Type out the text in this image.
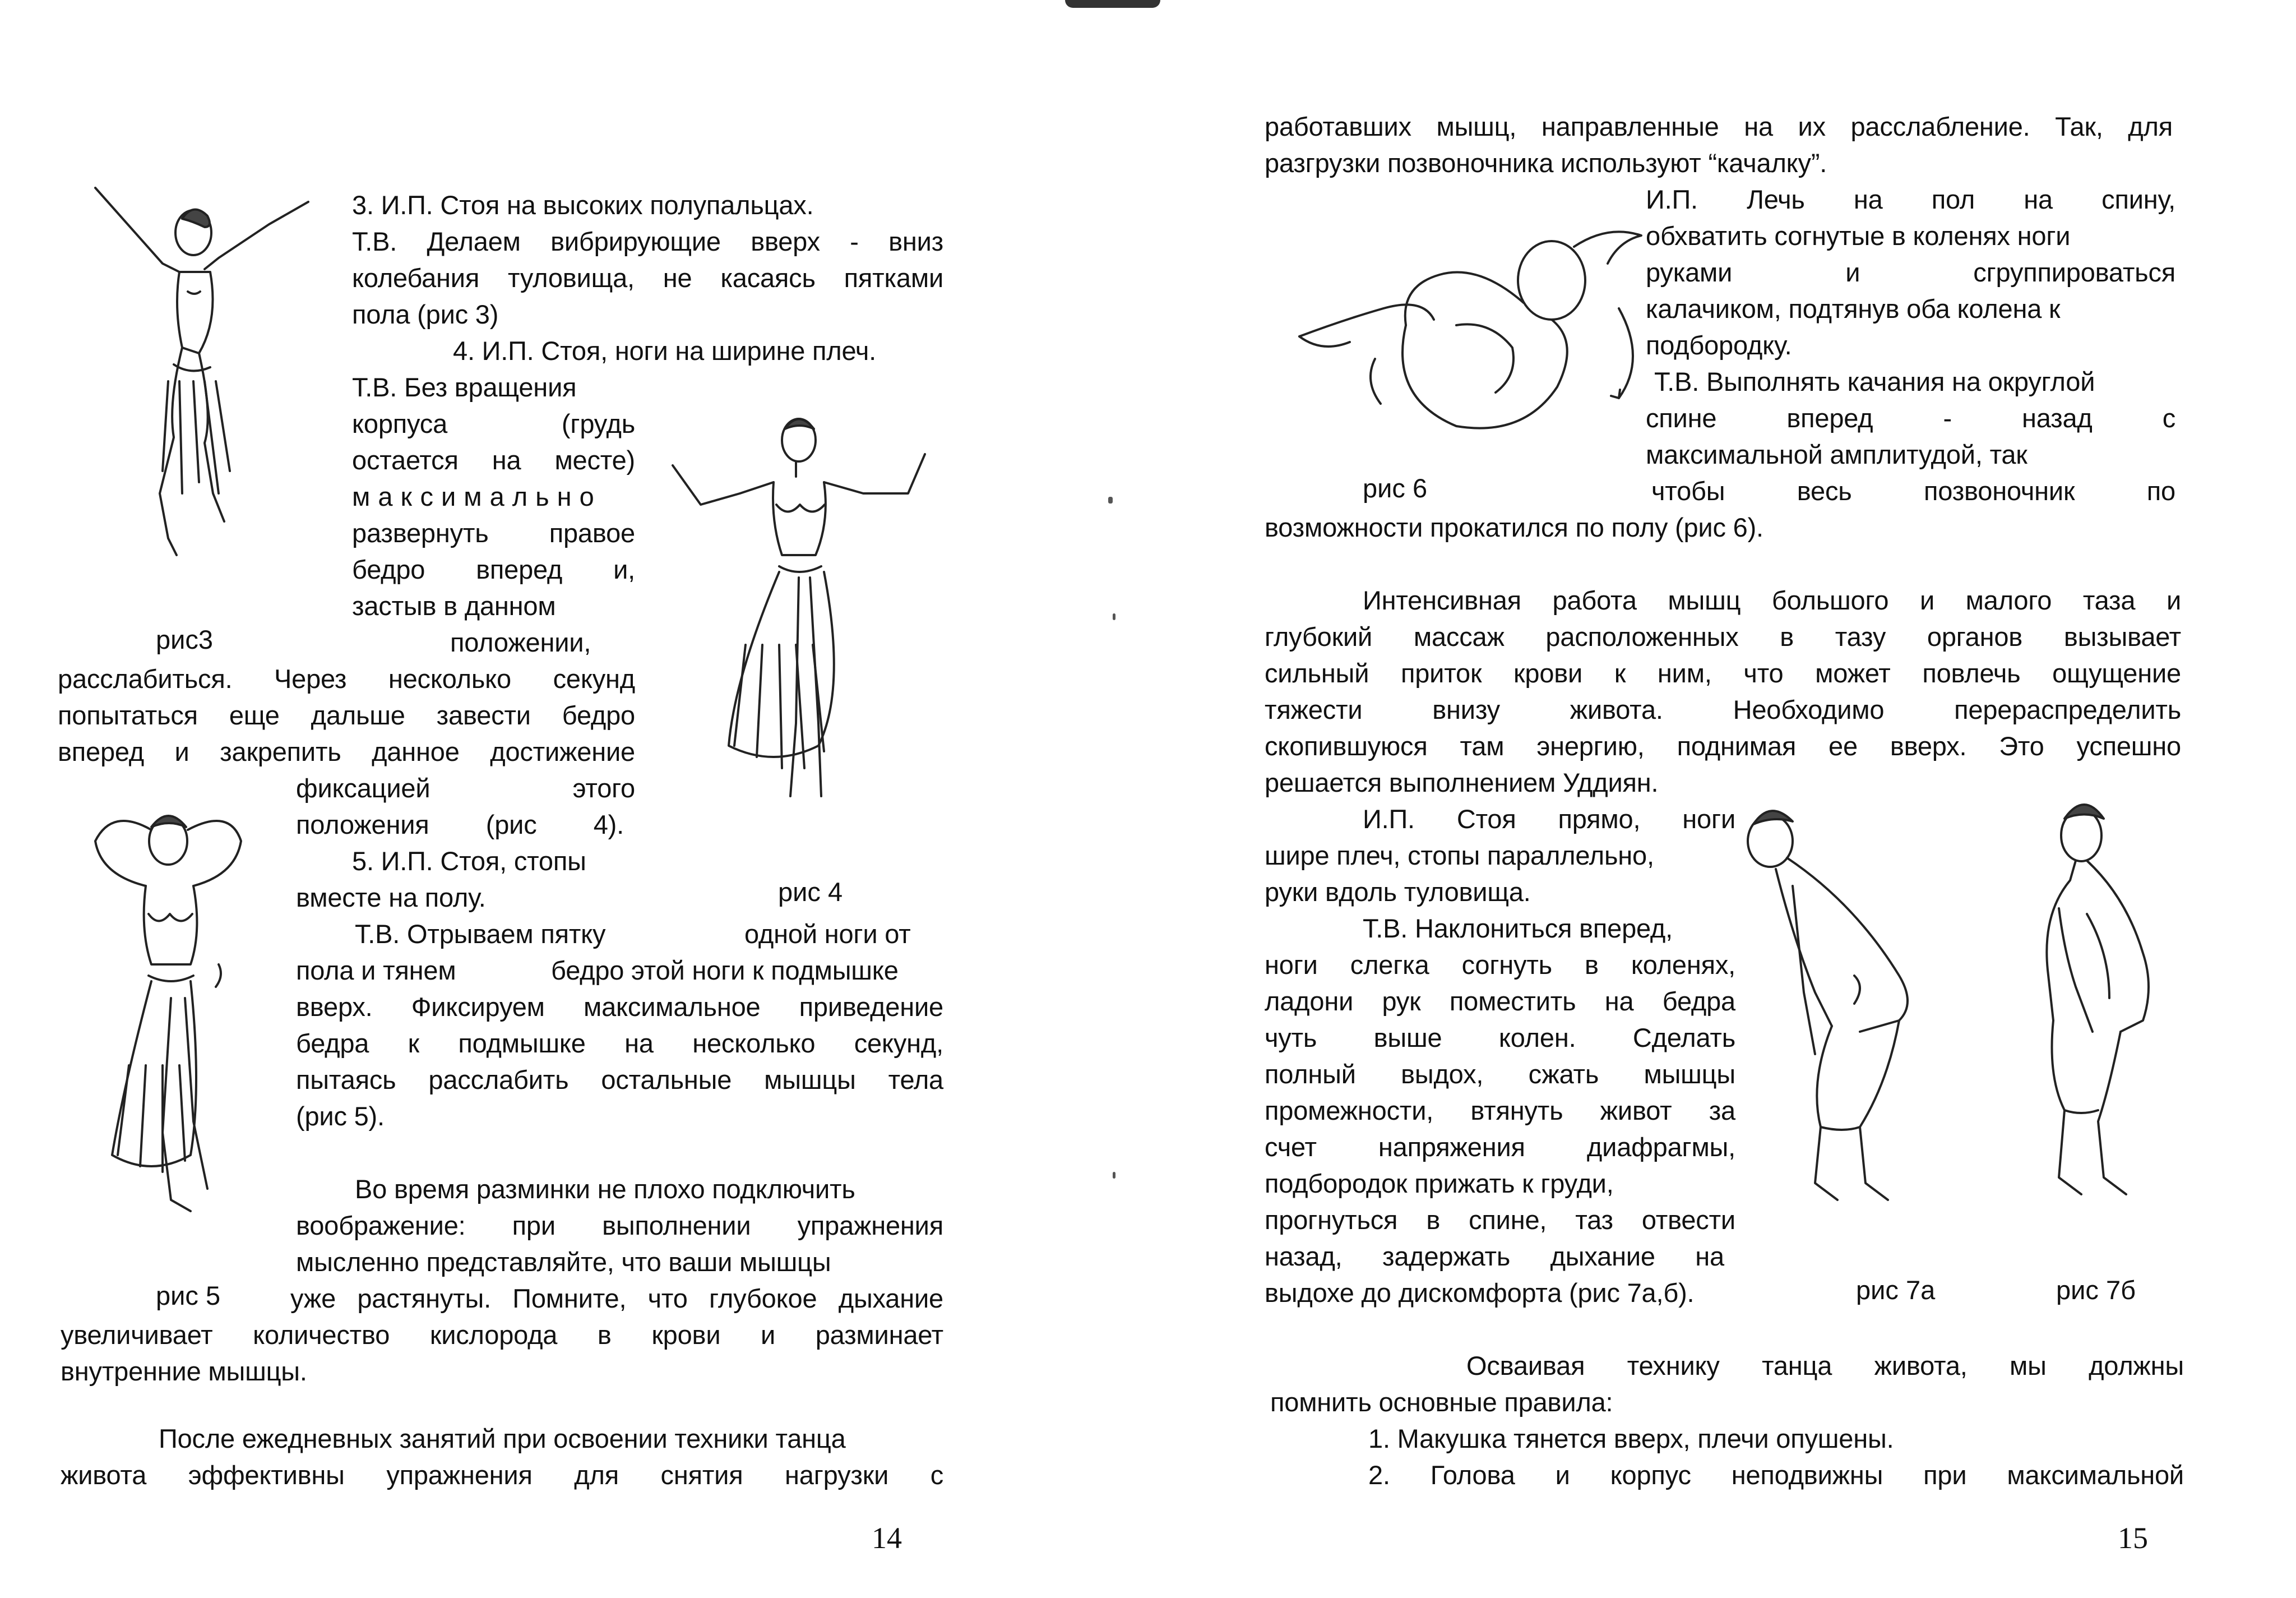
3. И.П. Стоя на высоких полупальцах.
Т.В. Делаем вибрирующие вверх - вниз
колебания туловища, не касаясь пятками
пола (рис 3)
4. И.П. Стоя, ноги на ширине плеч.
Т.В. Без вращения
корпуса (грудь
остается на месте)
максимально
развернуть правое
бедро вперед и,
застыв в данном
рис3	положении,
расслабиться. Через несколько секунд
попытаться еще дальше завести бедро
вперед и закрепить данное достижение
фиксацией этого
положения (рис 4).
рис 4
5. И.П. Стоя, стопы
вместе на полу.
Т.В. Отрываем пятку	одной ноги от
пола и тянем	бедро этой ноги к подмышке
вверх. Фиксируем максимальное приведение
бедра к подмышке на несколько секунд,
пытаясь расслабить остальные мышцы тела
(рис 5).
Во время разминки не плохо подключить
воображение: при выполнении упражнения
мысленно представляйте, что ваши мышцы
рис 5	уже растянуты. Помните, что глубокое дыхание
увеличивает количество кислорода в крови и разминает
внутренние мышцы.
После ежедневных занятий при освоении техники танца
живота эффективны упражнения для снятия нагрузки с
14
работавших мышц, направленные на их расслабление. Так, для
разгрузки позвоночника используют “качалку”.
И.П. Лечь на пол на спину,
обхватить согнутые в коленях ноги
руками и сгруппироваться
калачиком, подтянув оба колена к
подбородку.
Т.В. Выполнять качания на округлой
спине вперед - назад с
максимальной амплитудой, так
рис 6	чтобы весь позвоночник по
возможности прокатился по полу (рис 6).
Интенсивная работа мышц большого и малого таза и
глубокий массаж расположенных в тазу органов вызывает
сильный приток крови к ним, что может повлечь ощущение
тяжести внизу живота. Необходимо перераспределить
скопившуюся там энергию, поднимая ее вверх. Это успешно
решается выполнением Уддиян.
И.П. Стоя прямо, ноги
шире плеч, стопы параллельно,
руки вдоль туловища.
Т.В. Наклониться вперед,
ноги слегка согнуть в коленях,
ладони рук поместить на бедра
чуть выше колен. Сделать
полный выдох, сжать мышцы
промежности, втянуть живот за
счет напряжения диафрагмы,
подбородок прижать к груди,
прогнуться в спине, таз отвести
назад, задержать дыхание на
выдохе до дискомфорта (рис 7а,б).	рис 7а	рис 7б
Осваивая технику танца живота, мы должны
помнить основные правила:
1. Макушка тянется вверх, плечи опушены.
2. Голова и корпус неподвижны при максимальной
15
